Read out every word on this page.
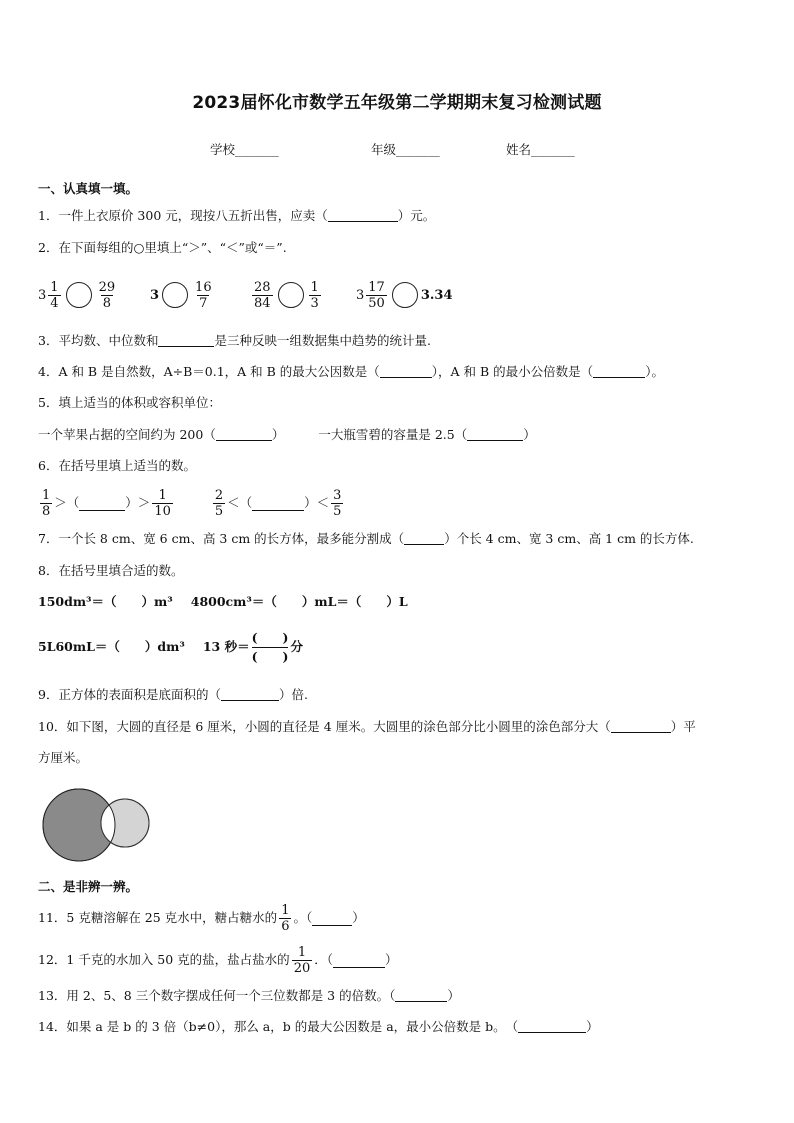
2023届怀化市数学五年级第二学期期末复习检测试题
学校_______	年级_______	姓名_______
一、认真填一填。
1．一件上衣原价 300 元，现按八五折出售，应卖（	）元。
2．在下面每组的○里填上“＞”、“＜”或“＝”.
$3 \frac{1}{4}$	$\frac{29}{8}$	3	$\frac{16}{7}$	$\frac{28}{84}$	$\frac{1}{3}$	$3 \frac{17}{50}$	3.34
3．平均数、中位数和	是三种反映一组数据集中趋势的统计量.
4．A 和 B 是自然数，A÷B＝0.1，A 和 B 的最大公因数是（	），A 和 B 的最小公倍数是（	）。
5．填上适当的体积或容积单位：
一个苹果占据的空间约为 200（	）	一大瓶雪碧的容量是 2.5（	）
6．在括号里填上适当的数。
$\frac{1}{8}$ ＞（	）＞ $\frac{1}{10}$	$\frac{2}{5}$ ＜（	）＜ $\frac{3}{5}$
7．一个长 8 cm、宽 6 cm、高 3 cm 的长方体，最多能分割成（	）个长 4 cm、宽 3 cm、高 1 cm 的长方体.
8．在括号里填合适的数。
150dm³＝（　　）m³ 4800cm³＝（　　）mL＝（　　）L
5L60mL＝（　　）dm³ 13 秒＝
(　　)
(　　)
分
9．正方体的表面积是底面积的（	）倍.
10．如下图，大圆的直径是 6 厘米，小圆的直径是 4 厘米。大圆里的涂色部分比小圆里的涂色部分大（	）平
方厘米。
二、是非辨一辨。
11．5 克糖溶解在 25 克水中，糖占糖水的 $\frac{1}{6}$ 。（	）
12．1 千克的水加入 50 克的盐，盐占盐水的 $\frac{1}{20}$ ．（	）
13．用 2、5、8 三个数字摆成任何一个三位数都是 3 的倍数。（	）
14．如果 a 是 b 的 3 倍（b≠0），那么 a，b 的最大公因数是 a，最小公倍数是 b。　（	）
